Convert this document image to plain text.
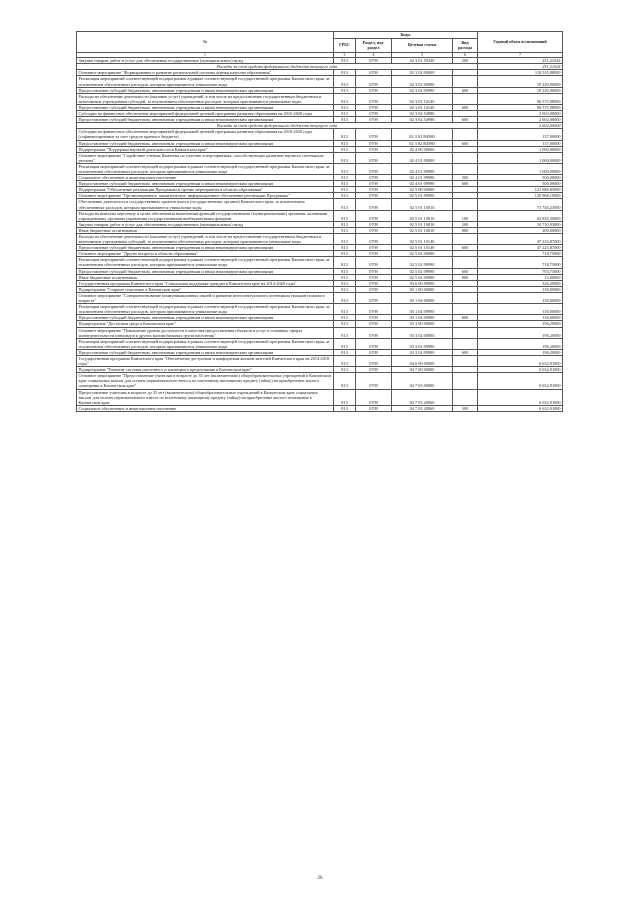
№	Коды				Годовой объем ассигнований
	ГРБС	Раздел, под-раздел	Целевая статья	Вид расхода	
1	3	4	5	6	7
Закупка товаров, работ и услуг для обеспечения государственных (муниципальных) нужд	813	0709	02 3 01 59340	200	251,21024
Расходы за счет средств федерального бюджета текущего года					251,21024
Основное мероприятие "Формирование и развитие региональной системы оценки качества образования"	813	0709	02 3 02 00000		118 535,88000
Реализация мероприятий соответствующей подпрограммы в рамках соответствующей государственной программы Камчатского края, за исключением обеспеченных расходов, которым присваиваются уникальные коды	813	0709	02 3 02 09990		19 220,90000
Предоставление субсидий бюджетным, автономным учреждениям и иным некоммерческим организациям	813	0709	02 3 02 09990	600	19 220,90000
Расходы на обеспечение деятельности (оказание услуг) учреждений, в том числе на предоставление государственным бюджетным и автономным учреждениям субсидий, за исключением обеспеченных расходов, которым присваиваются уникальные коды	813	0709	02 3 02 10140		96 575,98000
Предоставление субсидий бюджетным, автономным учреждениям и иным некоммерческим организациям	813	0709	02 3 02 10140	600	96 575,98000
Субсидии на финансовое обеспечение мероприятий федеральной целевой программы развития образования на 2016-2020 годы	813	0709	02 3 02 54980		2 602,00000
Предоставление субсидий бюджетным, автономным учреждениям и иным некоммерческим организациям	813	0709	02 3 02 54980	600	2 602,00000
Расходы за счет средств федерального бюджета текущего года					2 602,00000
Субсидии на финансовое обеспечение мероприятий федеральной целевой программы развития образования на 2016-2020 годы (софинансирование за счет средств краевого бюджета)	813	0709	02 3 02 R4980		137,00000
Предоставление субсидий бюджетным, автономным учреждениям и иным некоммерческим организациям	813	0709	02 3 02 R4980	600	137,00000
Подпрограмма "Поддержка научной деятельности в Камчатском крае"	813	0709	02 4 00 00000		1 000,00000
Основное мероприятие "Содействие ученым Камчатки по участию в мероприятиях, способствующих развитию научного потенциала региона"	813	0709	02 4 01 00000		1 000,00000
Реализация мероприятий соответствующей подпрограммы в рамках соответствующей государственной программы Камчатского края, за исключением обеспеченных расходов, которым присваиваются уникальные коды	813	0709	02 4 01 09990		1 000,00000
Социальное обеспечение и иные выплаты населению	813	0709	02 4 01 09990	300	500,00000
Предоставление субсидий бюджетным, автономным учреждениям и иным некоммерческим организациям	813	0709	02 4 01 09990	600	500,00000
Подпрограмма "Обеспечение реализации Программы и прочие мероприятия в области образования"	813	0709	02 5 00 00000		121 686,85000
Основное мероприятие "Организационное, аналитическое, информационное обеспечение реализации Программы"	813	0709	02 5 01 00000		120 968,10000
Обеспечение деятельности государственных органов власти (государственных органов) Камчатского края, за исключением обеспеченных расходов, которым присваиваются уникальные коды	813	0709	02 5 01 10010		73 744,23000
Расходы на выплаты персоналу в целях обеспечения выполнения функций государственными (муниципальными) органами, казенными учреждениями, органами управления государственными внебюджетными фондами	813	0709	02 5 01 10010	100	62 833,30000
Закупка товаров, работ и услуг для обеспечения государственных (муниципальных) нужд	813	0709	02 5 01 10010	200	10 710,93000
Иные бюджетные ассигнования	813	0709	02 5 01 10010	800	200,00000
Расходы на обеспечение деятельности (оказание услуг) учреждений, в том числе на предоставление государственным бюджетным и автономным учреждениям субсидий, за исключением обеспеченных расходов, которым присваиваются уникальные коды	813	0709	02 5 01 10140		47 223,87000
Предоставление субсидий бюджетным, автономным учреждениям и иным некоммерческим организациям	813	0709	02 5 01 10140	600	47 223,87000
Основное мероприятие "Другие вопросы в области образования"	813	0709	02 5 02 00000		718,75000
Реализация мероприятий соответствующей подпрограммы в рамках соответствующей государственной программы Камчатского края, за исключением обеспеченных расходов, которым присваиваются уникальные коды	813	0709	02 5 02 09990		718,75000
Предоставление субсидий бюджетным, автономным учреждениям и иным некоммерческим организациям	813	0709	02 5 02 09990	600	703,75000
Иные бюджетные ассигнования	813	0709	02 5 02 09990	800	15,00000
Государственная программа Камчатского края "Социальная поддержка граждан в Камчатском крае на 2014-2020 годы"	813	0709	03 0 00 00000		326,20000
Подпрограмма "Старшее поколение в Камчатском крае"	813	0709	03 1 00 00000		130,00000
Основное мероприятие "Совершенствование коммуникационных связей и развитие интеллектуального потенциала граждан пожилого возраста"	813	0709	03 1 04 00000		130,00000
Реализация мероприятий соответствующей подпрограммы в рамках соответствующей государственной программы Камчатского края, за исключением обеспеченных расходов, которым присваиваются уникальные коды	813	0709	03 1 04 09990		130,00000
Предоставление субсидий бюджетным, автономным учреждениям и иным некоммерческим организациям	813	0709	03 1 04 09990	600	130,00000
Подпрограмма "Доступная среда в Камчатском крае"	813	0709	03 3 00 00000		196,20000
Основное мероприятие "Повышение уровня доступности и качества предоставления объектов и услуг в основных сферах жизнедеятельности инвалидов и других маломобильных групп населения"	813	0709	03 3 02 00000		196,20000
Реализация мероприятий соответствующей подпрограммы в рамках соответствующей государственной программы Камчатского края, за исключением обеспеченных расходов, которым присваиваются уникальные коды	813	0709	03 3 02 09990		196,20000
Предоставление субсидий бюджетным, автономным учреждениям и иным некоммерческим организациям	813	0709	03 3 02 09990	600	196,20000
Государственная программа Камчатского края "Обеспечение доступным и комфортным жильем жителей Камчатского края на 2014-2018 годы"	813	0709	04 0 00 00000		6 632,91000
Подпрограмма "Развитие системы ипотечного и жилищного кредитования в Камчатском крае"	813	0709	04 7 00 00000		6 632,91000
Основное мероприятие "Предоставление учителям в возрасте до 35 лет (включительно) общеобразовательных учреждений в Камчатском крае социальных выплат для оплаты первоначального взноса по ипотечному жилищному кредиту (займу) на приобретение жилого помещения в Камчатском крае"	813	0709	04 7 03 00000		6 632,91000
Предоставление учителям в возрасте до 35 лет (включительно) общеобразовательных учреждений в Камчатском крае социальных выплат для оплаты первоначального взноса по ипотечному жилищному кредиту (займу) на приобретение жилого помещения в Камчатском крае	813	0709	04 7 03 20060		6 632,91000
Социальное обеспечение и иные выплаты населению	813	0709	04 7 03 20060	300	6 632,91000
26
